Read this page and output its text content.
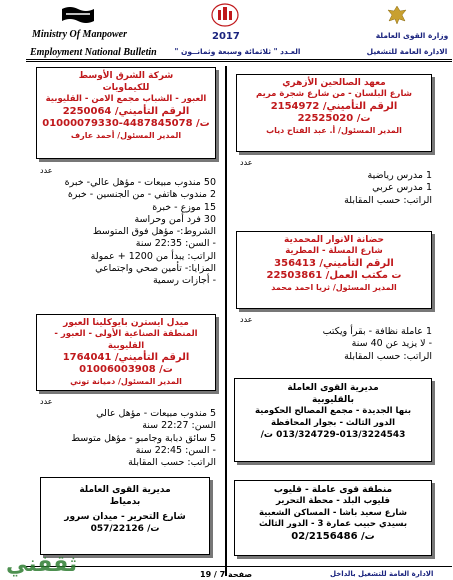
Ministry Of Manpower
Employment National Bulletin
2017
العـدد " ثلاثمائة وسبعة وثمانــون "
وزارة القوى العاملة
الادارة العامة للتشغيل

شركة الشرق الأوسط

للكيماويات

العبور - الشباب مجمع الامن - القليوبية

الرقم التأميني/ 2250064

ت/ 4487845078-01000079330

المدير المسئول/ أحمد عارف

عدد
50 مندوب مبيعات - مؤهل عالي- خبرة
2 مندوب هاتفي - من الجنسين - خبرة
15 موزع - خبرة
30 فرد أمن وحراسة
الشروط:- مؤهل فوق المتوسط
- السن: 22:35 سنة
الراتب: يبدأ من 1200 + عمولة
المزايا:- تأمين صحي واجتماعي
- أجازات رسمية

ميدل ايسترن بايوكلينا العبور

المنطقة الصناعية الأولى - العبور - القليوبية

الرقم التأميني/ 1764041

ت/ 01006003908

المدير المسئول/ دميانة توني

عدد
5 مندوب مبيعات - مؤهل عالي
السن: 22:27 سنة
5 سائق دبابة وجامبو - مؤهل متوسط
- السن: 22:45 سنة
الراتب: حسب المقابلة

مديرية القوى العاملة

بدمياط

شارع التحرير - ميدان سرور

ت/ 057/22126

معهد الصالحين الأزهري

شارع البلسان - من شارع شجرة مريم

الرقم التأميني/ 2154972

ت/ 22525020

المدير المسئول/ أ. عبد الفتاح دياب

عدد
1 مدرس رياضية
1 مدرس عربي
الراتب: حسب المقابلة

حضانة الانوار المحمدية

شارع المسلة - المطرية

الرقم التأميني/ 356413

ت مكتب العمل/ 22503861

المدير المسئول/ ثريا احمد محمد

عدد
1 عاملة نظافة - بقرأ ويكتب
- لا يزيد عن 40 سنة
الراتب: حسب المقابلة

مديرية القوى العاملة

بالقليوبية

بنها الجديدة - مجمع المصالح الحكومية

الدور الثالث - بجوار المحافظة

013/324729-013/3224543 ت/

منطقة قوى عاملة - قليوب

قليوب البلد - محطة التحرير

شارع سعيد باشا - المساكن الشعبية

بسيدي حبيب عمارة 3 - الدور الثالث

ت/ 02/2156486

صفحة 7 / 19	الادارة العامة للتشغيل بالداخل
ثقفني
